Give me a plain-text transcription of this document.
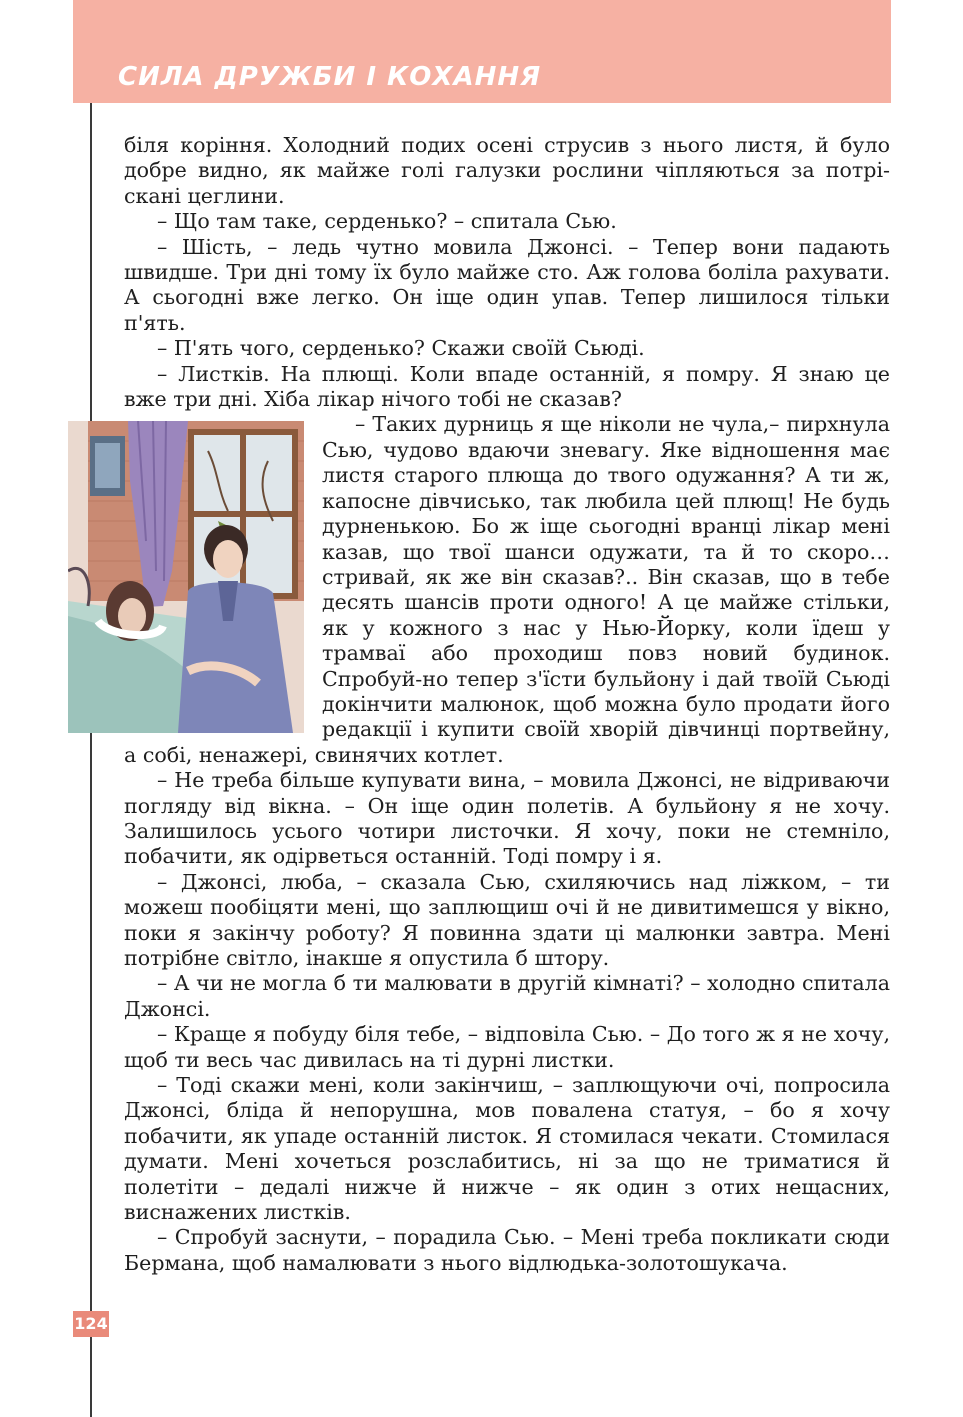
СИЛА ДРУЖБИ І КОХАННЯ

біля коріння. Холодний подих осені струсив з нього листя, й було добре видно, як майже голі галузки рослини чіпляються за потріскані цеглини.

– Що там таке, серденько? – спитала Сью.

– Шість, – ледь чутно мовила Джонсі. – Тепер вони падають швидше. Три дні тому їх було майже сто. Аж голова боліла рахувати. А сьогодні вже легко. Он іще один упав. Тепер лишилося тільки п'ять.

– П'ять чого, серденько? Скажи своїй Сьюді.

– Листків. На плющі. Коли впаде останній, я помру. Я знаю це вже три дні. Хіба лікар нічого тобі не сказав?

– Таких дурниць я ще ніколи не чула,– пирхнула Сью, чудово вдаючи зневагу. Яке відношення має листя старого плюща до твого одужання? А ти ж, капосне дівчисько, так любила цей плющ! Не будь дурненькою. Бо ж іще сьогодні вранці лікар мені казав, що твої шанси одужати, та й то скоро… стривай, як же він сказав?.. Він сказав, що в тебе десять шансів проти одного! А це майже стільки, як у кожного з нас у Нью-Йорку, коли їдеш у трамваї або проходиш повз новий будинок. Спробуй-но тепер з'їсти бульйону і дай твоїй Сьюді докінчити малюнок, щоб можна було продати його редакції і купити своїй хворій дівчинці портвейну, а собі, ненажері, свинячих котлет.

– Не треба більше купувати вина, – мовила Джонсі, не відриваючи погляду від вікна. – Он іще один полетів. А бульйону я не хочу. Залишилось усього чотири листочки. Я хочу, поки не стемніло, побачити, як одірветься останній. Тоді помру і я.

– Джонсі, люба, – сказала Сью, схиляючись над ліжком, – ти можеш пообіцяти мені, що заплющиш очі й не дивитимешся у вікно, поки я закінчу роботу? Я повинна здати ці малюнки завтра. Мені потрібне світло, інакше я опустила б штору.

– А чи не могла б ти малювати в другій кімнаті? – холодно спитала Джонсі.

– Краще я побуду біля тебе, – відповіла Сью. – До того ж я не хочу, щоб ти весь час дивилась на ті дурні листки.

– Тоді скажи мені, коли закінчиш, – заплющуючи очі, попросила Джонсі, бліда й непорушна, мов повалена статуя, – бо я хочу побачити, як упаде останній листок. Я стомилася чекати. Стомилася думати. Мені хочеться розслабитись, ні за що не триматися й полетіти – дедалі нижче й нижче – як один з отих нещасних, виснажених листків.

– Спробуй заснути, – порадила Сью. – Мені треба покликати сюди Бермана, щоб намалювати з нього відлюдька-золотошукача.

124
